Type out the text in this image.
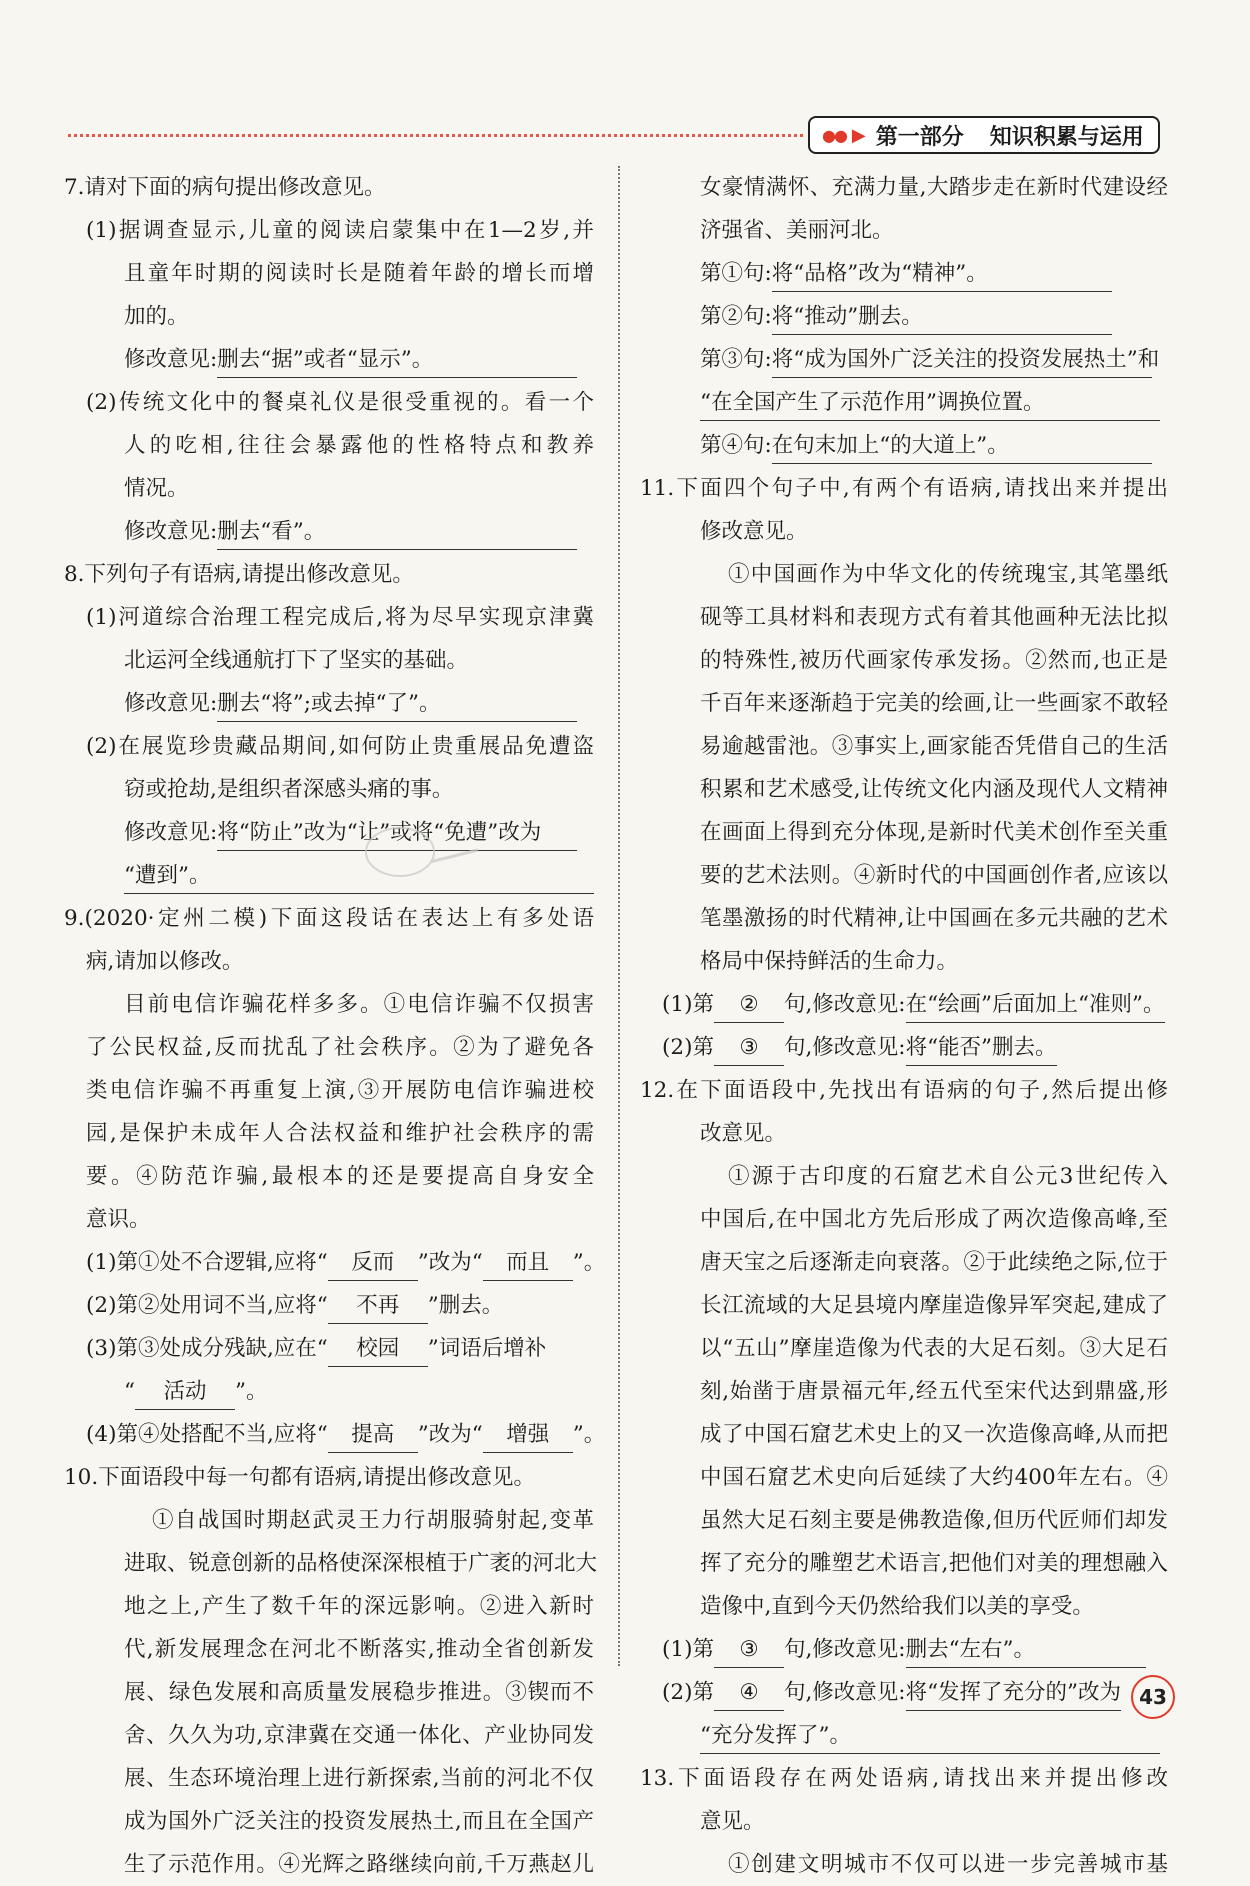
●● ▶ 第一部分 知识积累与运用
7.请对下面的病句提出修改意见。
(1)据调查显示,儿童的阅读启蒙集中在1—2岁,并
且童年时期的阅读时长是随着年龄的增长而增
加的。
修改意见:删去“据”或者“显示”。
(2)传统文化中的餐桌礼仪是很受重视的。看一个
人的吃相,往往会暴露他的性格特点和教养
情况。
修改意见:删去“看”。
8.下列句子有语病,请提出修改意见。
(1)河道综合治理工程完成后,将为尽早实现京津冀
北运河全线通航打下了坚实的基础。
修改意见:删去“将”;或去掉“了”。
(2)在展览珍贵藏品期间,如何防止贵重展品免遭盗
窃或抢劫,是组织者深感头痛的事。
修改意见:将“防止”改为“让”或将“免遭”改为
“遭到”。
9.(2020·定州二模)下面这段话在表达上有多处语
病,请加以修改。
目前电信诈骗花样多多。①电信诈骗不仅损害
了公民权益,反而扰乱了社会秩序。②为了避免各
类电信诈骗不再重复上演,③开展防电信诈骗进校
园,是保护未成年人合法权益和维护社会秩序的需
要。④防范诈骗,最根本的还是要提高自身安全
意识。
(1)第①处不合逻辑,应将“ 反而 ”改为“ 而且 ”。
(2)第②处用词不当,应将“ 不再 ”删去。
(3)第③处成分残缺,应在“ 校园 ”词语后增补
“ 活动 ”。
(4)第④处搭配不当,应将“ 提高 ”改为“ 增强 ”。
10.下面语段中每一句都有语病,请提出修改意见。
①自战国时期赵武灵王力行胡服骑射起,变革
进取、锐意创新的品格使深深根植于广袤的河北大
地之上,产生了数千年的深远影响。②进入新时
代,新发展理念在河北不断落实,推动全省创新发
展、绿色发展和高质量发展稳步推进。③锲而不
舍、久久为功,京津冀在交通一体化、产业协同发
展、生态环境治理上进行新探索,当前的河北不仅
成为国外广泛关注的投资发展热土,而且在全国产
生了示范作用。④光辉之路继续向前,千万燕赵儿
女豪情满怀、充满力量,大踏步走在新时代建设经
济强省、美丽河北。
第①句:将“品格”改为“精神”。
第②句:将“推动”删去。
第③句:将“成为国外广泛关注的投资发展热土”和
“在全国产生了示范作用”调换位置。
第④句:在句末加上“的大道上”。
11.下面四个句子中,有两个有语病,请找出来并提出
修改意见。
①中国画作为中华文化的传统瑰宝,其笔墨纸
砚等工具材料和表现方式有着其他画种无法比拟
的特殊性,被历代画家传承发扬。②然而,也正是
千百年来逐渐趋于完美的绘画,让一些画家不敢轻
易逾越雷池。③事实上,画家能否凭借自己的生活
积累和艺术感受,让传统文化内涵及现代人文精神
在画面上得到充分体现,是新时代美术创作至关重
要的艺术法则。④新时代的中国画创作者,应该以
笔墨激扬的时代精神,让中国画在多元共融的艺术
格局中保持鲜活的生命力。
(1)第 ② 句,修改意见:在“绘画”后面加上“准则”。
(2)第 ③ 句,修改意见:将“能否”删去。
12.在下面语段中,先找出有语病的句子,然后提出修
改意见。
①源于古印度的石窟艺术自公元3世纪传入
中国后,在中国北方先后形成了两次造像高峰,至
唐天宝之后逐渐走向衰落。②于此续绝之际,位于
长江流域的大足县境内摩崖造像异军突起,建成了
以“五山”摩崖造像为代表的大足石刻。③大足石
刻,始凿于唐景福元年,经五代至宋代达到鼎盛,形
成了中国石窟艺术史上的又一次造像高峰,从而把
中国石窟艺术史向后延续了大约400年左右。④
虽然大足石刻主要是佛教造像,但历代匠师们却发
挥了充分的雕塑艺术语言,把他们对美的理想融入
造像中,直到今天仍然给我们以美的享受。
(1)第 ③ 句,修改意见:删去“左右”。
(2)第 ④ 句,修改意见:将“发挥了充分的”改为
“充分发挥了”。
13.下面语段存在两处语病,请找出来并提出修改
意见。
①创建文明城市不仅可以进一步完善城市基
43
